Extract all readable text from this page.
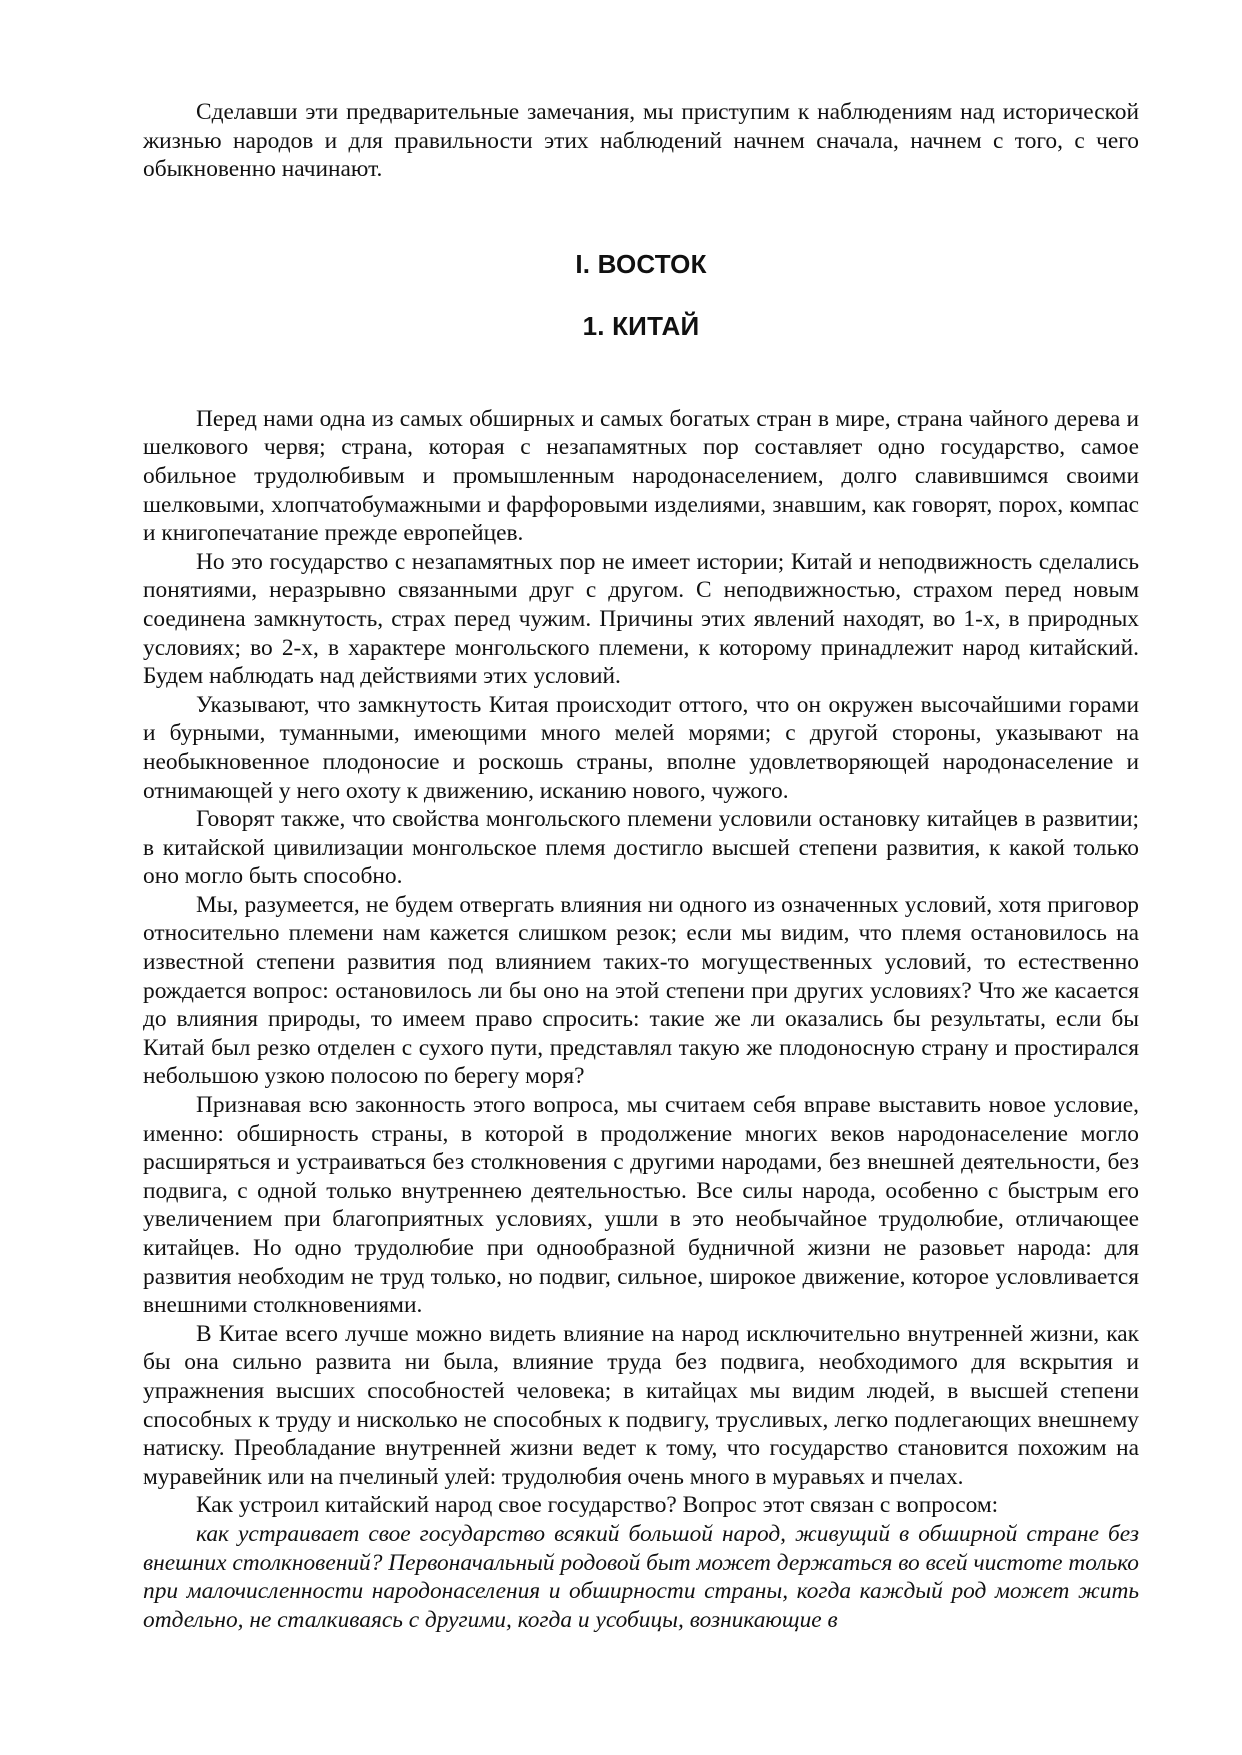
Сделавши эти предварительные замечания, мы приступим к наблюдениям над исторической жизнью народов и для правильности этих наблюдений начнем сначала, начнем с того, с чего обыкновенно начинают.

I. ВОСТОК
1. КИТАЙ

Перед нами одна из самых обширных и самых богатых стран в мире, страна чайного дерева и шелкового червя; страна, которая с незапамятных пор составляет одно государство, самое обильное трудолюбивым и промышленным народонаселением, долго славившимся своими шелковыми, хлопчатобумажными и фарфоровыми изделиями, знавшим, как говорят, порох, компас и книгопечатание прежде европейцев.

Но это государство с незапамятных пор не имеет истории; Китай и неподвижность сделались понятиями, неразрывно связанными друг с другом. С неподвижностью, страхом перед новым соединена замкнутость, страх перед чужим. Причины этих явлений находят, во 1-х, в природных условиях; во 2-х, в характере монгольского племени, к которому принадлежит народ китайский. Будем наблюдать над действиями этих условий.

Указывают, что замкнутость Китая происходит оттого, что он окружен высочайшими горами и бурными, туманными, имеющими много мелей морями; с другой стороны, указывают на необыкновенное плодоносие и роскошь страны, вполне удовлетворяющей народонаселение и отнимающей у него охоту к движению, исканию нового, чужого.

Говорят также, что свойства монгольского племени условили остановку китайцев в развитии; в китайской цивилизации монгольское племя достигло высшей степени развития, к какой только оно могло быть способно.

Мы, разумеется, не будем отвергать влияния ни одного из означенных условий, хотя приговор относительно племени нам кажется слишком резок; если мы видим, что племя остановилось на известной степени развития под влиянием таких-то могущественных условий, то естественно рождается вопрос: остановилось ли бы оно на этой степени при других условиях? Что же касается до влияния природы, то имеем право спросить: такие же ли оказались бы результаты, если бы Китай был резко отделен с сухого пути, представлял такую же плодоносную страну и простирался небольшою узкою полосою по берегу моря?

Признавая всю законность этого вопроса, мы считаем себя вправе выставить новое условие, именно: обширность страны, в которой в продолжение многих веков народонаселение могло расширяться и устраиваться без столкновения с другими народами, без внешней деятельности, без подвига, с одной только внутреннею деятельностью. Все силы народа, особенно с быстрым его увеличением при благоприятных условиях, ушли в это необычайное трудолюбие, отличающее китайцев. Но одно трудолюбие при однообразной будничной жизни не разовьет народа: для развития необходим не труд только, но подвиг, сильное, широкое движение, которое условливается внешними столкновениями.

В Китае всего лучше можно видеть влияние на народ исключительно внутренней жизни, как бы она сильно развита ни была, влияние труда без подвига, необходимого для вскрытия и упражнения высших способностей человека; в китайцах мы видим людей, в высшей степени способных к труду и нисколько не способных к подвигу, трусливых, легко подлегающих внешнему натиску. Преобладание внутренней жизни ведет к тому, что государство становится похожим на муравейник или на пчелиный улей: трудолюбия очень много в муравьях и пчелах.

Как устроил китайский народ свое государство? Вопрос этот связан с вопросом:

как устраивает свое государство всякий большой народ, живущий в обширной стране без внешних столкновений? Первоначальный родовой быт может держаться во всей чистоте только при малочисленности народонаселения и обширности страны, когда каждый род может жить отдельно, не сталкиваясь с другими, когда и усобицы, возникающие в
